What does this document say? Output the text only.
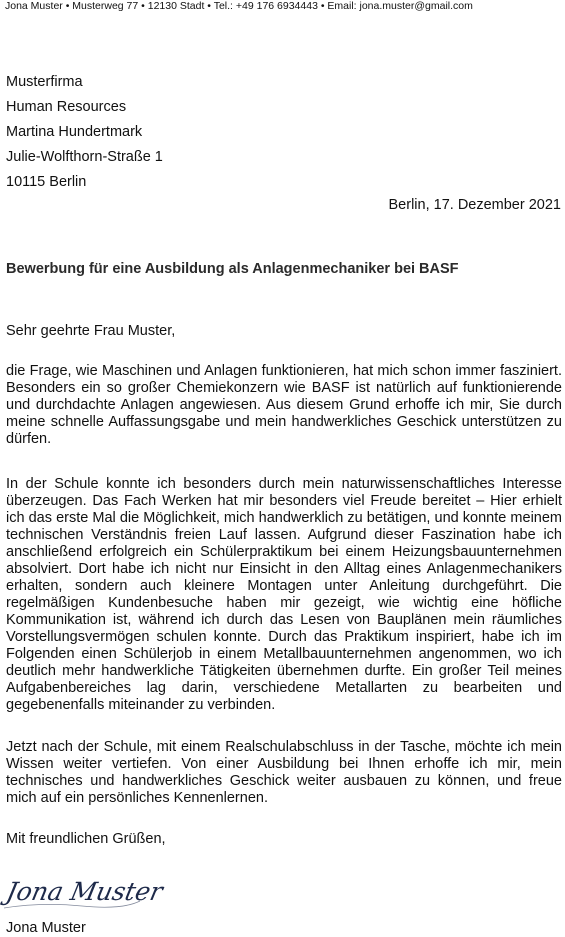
Jona Muster • Musterweg 77 • 12130 Stadt • Tel.: +49 176 6934443 • Email: jona.muster@gmail.com
Musterfirma
Human Resources
Martina Hundertmark
Julie-Wolfthorn-Straße 1
10115 Berlin
Berlin, 17. Dezember 2021
Bewerbung für eine Ausbildung als Anlagenmechaniker bei BASF
Sehr geehrte Frau Muster,

die Frage, wie Maschinen und Anlagen funktionieren, hat mich schon immer fasziniert. Besonders ein so großer Chemiekonzern wie BASF ist natürlich auf funktionierende und durchdachte Anlagen angewiesen. Aus diesem Grund erhoffe ich mir, Sie durch meine schnelle Auffassungsgabe und mein handwerkliches Geschick unterstützen zu dürfen.

In der Schule konnte ich besonders durch mein naturwissenschaftliches Interesse überzeugen. Das Fach Werken hat mir besonders viel Freude bereitet – Hier erhielt ich das erste Mal die Möglichkeit, mich handwerklich zu betätigen, und konnte meinem technischen Verständnis freien Lauf lassen. Aufgrund dieser Faszination habe ich anschließend erfolgreich ein Schülerpraktikum bei einem Heizungsbauunternehmen absolviert. Dort habe ich nicht nur Einsicht in den Alltag eines Anlagenmechanikers erhalten, sondern auch kleinere Montagen unter Anleitung durchgeführt. Die regelmäßigen Kundenbesuche haben mir gezeigt, wie wichtig eine höfliche Kommunikation ist, während ich durch das Lesen von Bauplänen mein räumliches Vorstellungsvermögen schulen konnte. Durch das Praktikum inspiriert, habe ich im Folgenden einen Schülerjob in einem Metallbauunternehmen angenommen, wo ich deutlich mehr handwerkliche Tätigkeiten übernehmen durfte. Ein großer Teil meines Aufgabenbereiches lag darin, verschiedene Metallarten zu bearbeiten und gegebenenfalls miteinander zu verbinden.

Jetzt nach der Schule, mit einem Realschulabschluss in der Tasche, möchte ich mein Wissen weiter vertiefen. Von einer Ausbildung bei Ihnen erhoffe ich mir, mein technisches und handwerkliches Geschick weiter ausbauen zu können, und freue mich auf ein persönliches Kennenlernen.

Mit freundlichen Grüßen,
Jona Muster
Jona Muster
